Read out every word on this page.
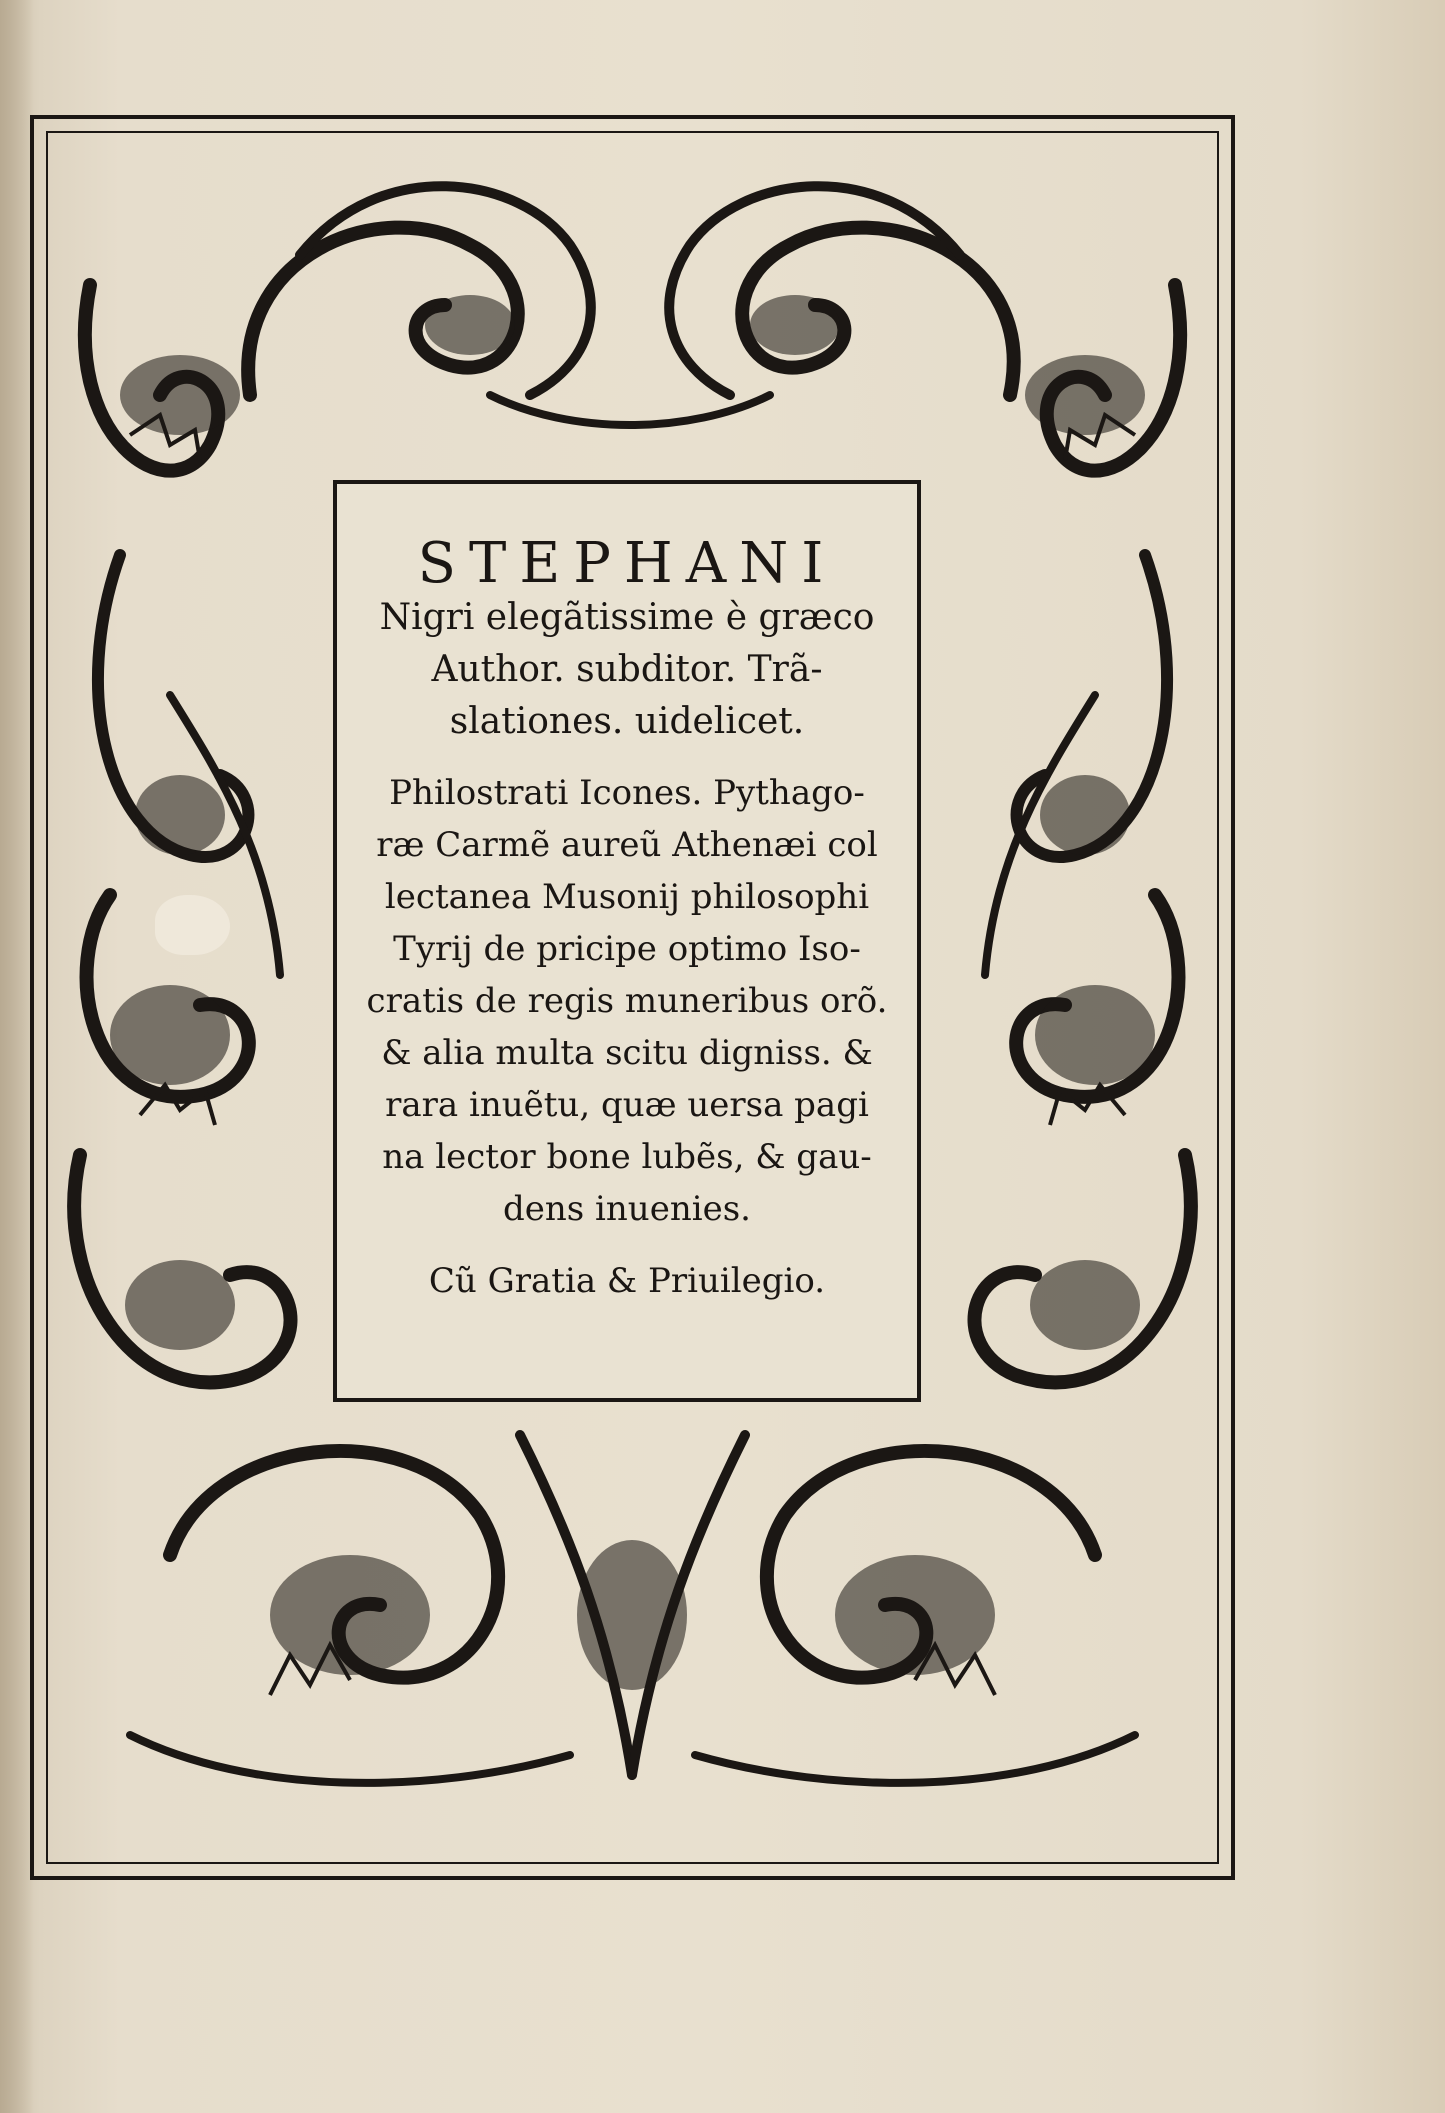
STEPHANI
Nigri elegãtissime è græco
Author. subditor. Trã-
slationes. uidelicet.
Philostrati Icones. Pythago-
ræ Carmẽ aureũ Athenæi col
lectanea Musonij philosophi
Tyrij de pricipe optimo Iso-
cratis de regis muneribus orõ.
& alia multa scitu digniss. &
rara inuẽtu, quæ uersa pagi
na lector bone lubẽs, & gau-
dens inuenies.
Cũ Gratia & Priuilegio.
